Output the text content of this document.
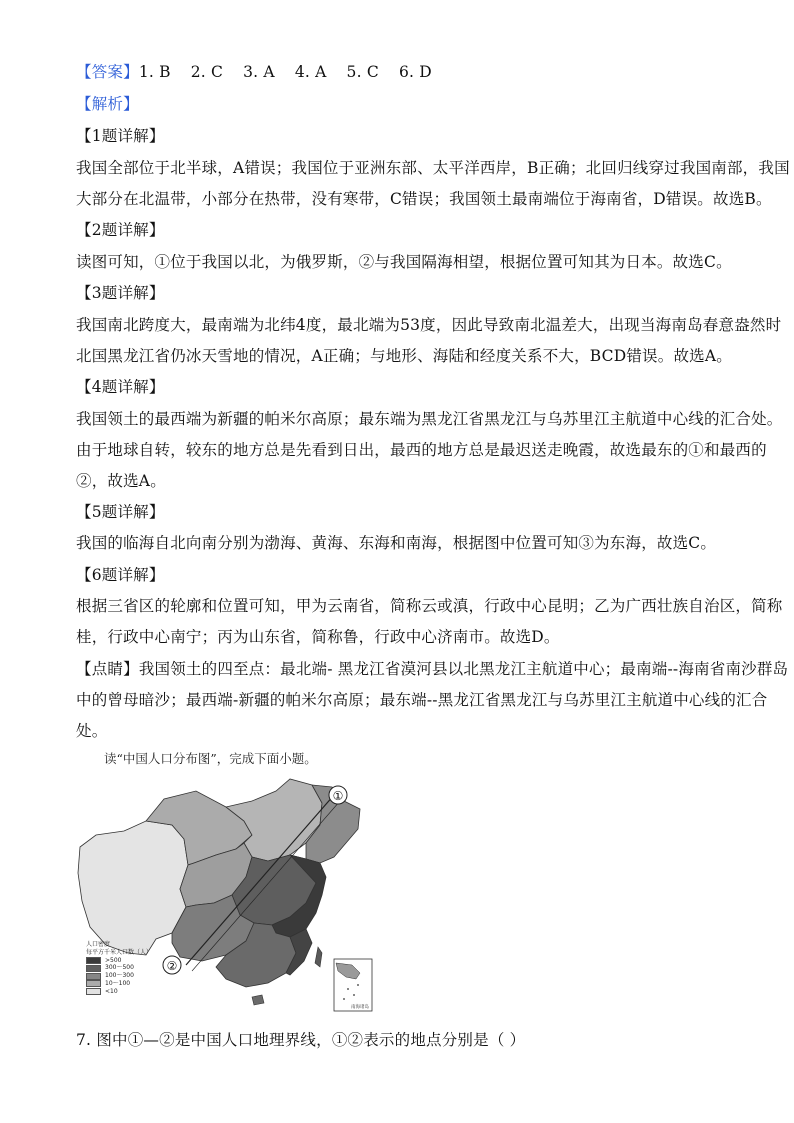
【答案】1. B 2. C 3. A 4. A 5. C 6. D
【解析】
【1题详解】
我国全部位于北半球，A错误；我国位于亚洲东部、太平洋西岸，B正确；北回归线穿过我国南部，我国
大部分在北温带，小部分在热带，没有寒带，C错误；我国领土最南端位于海南省，D错误。故选B。
【2题详解】
读图可知，①位于我国以北，为俄罗斯，②与我国隔海相望，根据位置可知其为日本。故选C。
【3题详解】
我国南北跨度大，最南端为北纬4度，最北端为53度，因此导致南北温差大，出现当海南岛春意盎然时
北国黑龙江省仍冰天雪地的情况，A正确；与地形、海陆和经度关系不大，BCD错误。故选A。
【4题详解】
我国领土的最西端为新疆的帕米尔高原；最东端为黑龙江省黑龙江与乌苏里江主航道中心线的汇合处。
由于地球自转，较东的地方总是先看到日出，最西的地方总是最迟送走晚霞，故选最东的①和最西的
②，故选A。
【5题详解】
我国的临海自北向南分别为渤海、黄海、东海和南海，根据图中位置可知③为东海，故选C。
【6题详解】
根据三省区的轮廓和位置可知，甲为云南省，简称云或滇，行政中心昆明；乙为广西壮族自治区，简称
桂，行政中心南宁；丙为山东省，简称鲁，行政中心济南市。故选D。
【点睛】我国领土的四至点：最北端- 黑龙江省漠河县以北黑龙江主航道中心；最南端--海南省南沙群岛
中的曾母暗沙；最西端-新疆的帕米尔高原；最东端--黑龙江省黑龙江与乌苏里江主航道中心线的汇合
处。
读“中国人口分布图”，完成下面小题。
①
②
南海诸岛
人口密度
每平方千米人口数（人）
>500
300～500
100～300
10～100
<10
7. 图中①—②是中国人口地理界线，①②表示的地点分别是（ ）
